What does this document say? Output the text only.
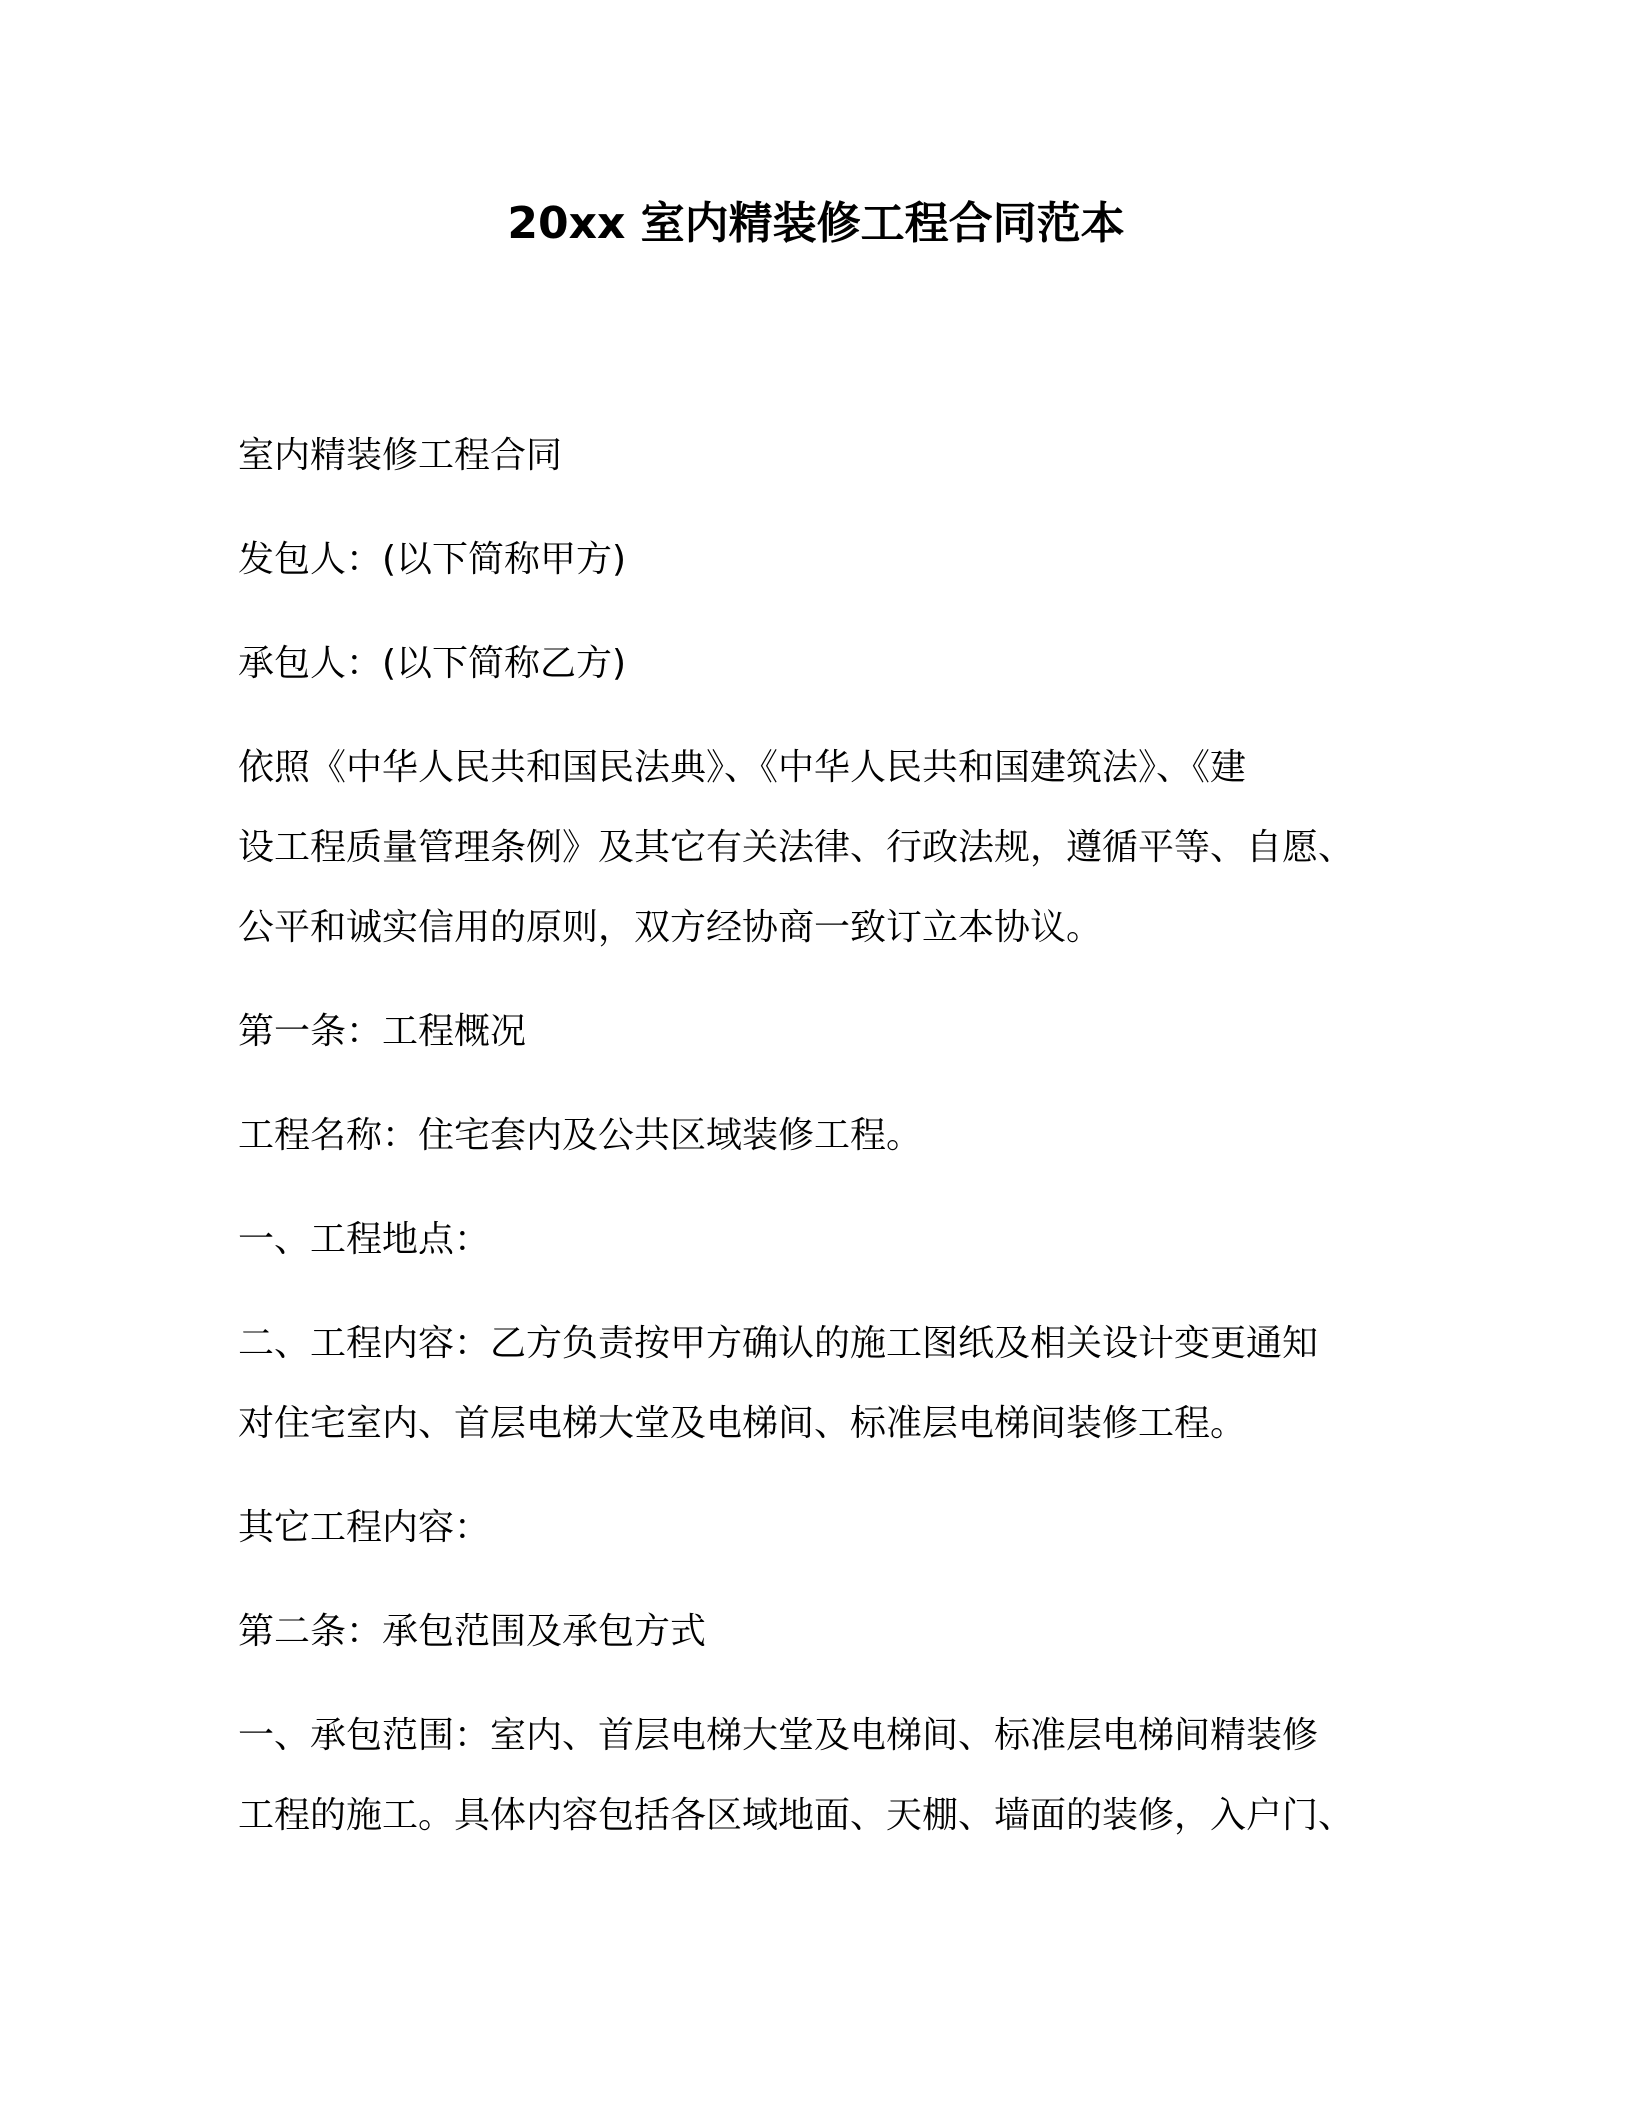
20xx 室内精装修工程合同范本

室内精装修工程合同

发包人：(以下简称甲方)

承包人：(以下简称乙方)

依照《中华人民共和国民法典》、《中华人民共和国建筑法》、《建
设工程质量管理条例》及其它有关法律、行政法规，遵循平等、自愿、
公平和诚实信用的原则，双方经协商一致订立本协议。

第一条：工程概况

工程名称：住宅套内及公共区域装修工程。

一、工程地点：

二、工程内容：乙方负责按甲方确认的施工图纸及相关设计变更通知
对住宅室内、首层电梯大堂及电梯间、标准层电梯间装修工程。

其它工程内容：

第二条：承包范围及承包方式

一、承包范围：室内、首层电梯大堂及电梯间、标准层电梯间精装修
工程的施工。具体内容包括各区域地面、天棚、墙面的装修，入户门、
